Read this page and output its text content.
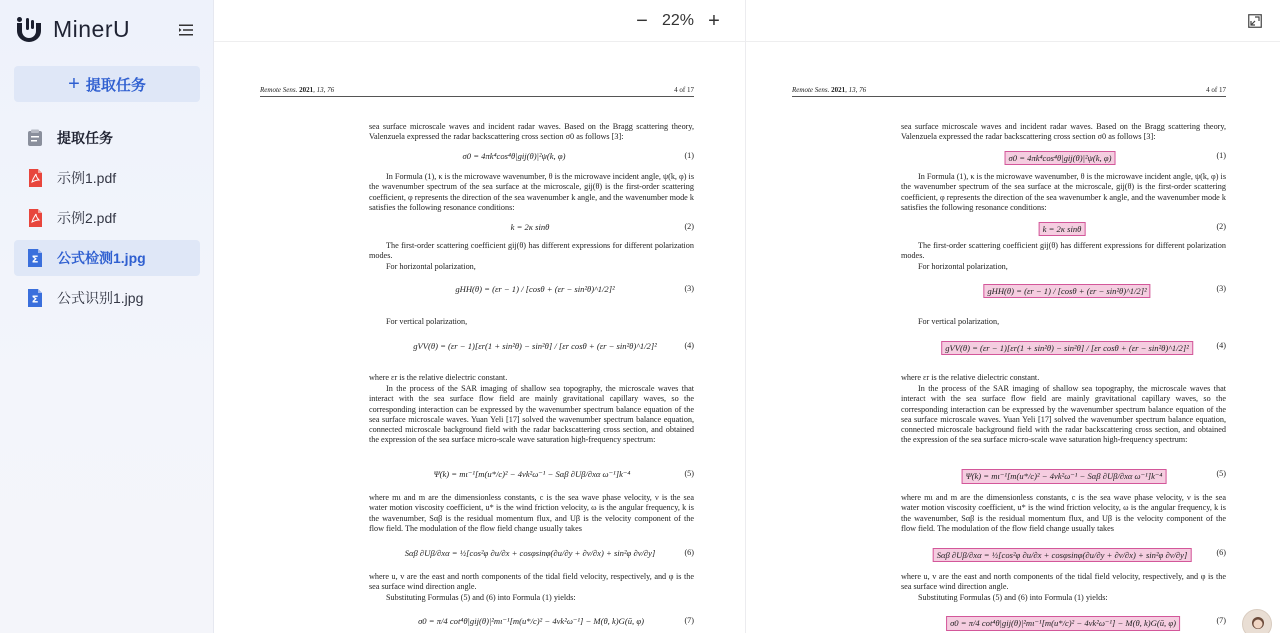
MinerU
+ 提取任务
提取任务
示例1.pdf
示例2.pdf
Σ 公式检测1.jpg
Σ 公式识别1.jpg
− 22% +
Remote Sens. 2021, 13, 76	4 of 17
sea surface microscale waves and incident radar waves. Based on the Bragg scattering theory, Valenzuela expressed the radar backscattering cross section σ0 as follows [3]:
σ0 = 4πk⁴cos⁴θ|gij(θ)|²ψ(k, φ)	(1)
In Formula (1), κ is the microwave wavenumber, θ is the microwave incident angle, ψ(k, φ) is the wavenumber spectrum of the sea surface at the microscale, gij(θ) is the first-order scattering coefficient, φ represents the direction of the sea wavenumber k angle, and the wavenumber mode k satisfies the following resonance conditions:
k = 2κ sinθ	(2)
The first-order scattering coefficient gij(θ) has different expressions for different polarization modes.
For horizontal polarization,
gHH(θ) = (εr − 1) / [cosθ + (εr − sin²θ)^1/2]²	(3)
For vertical polarization,
gVV(θ) = (εr − 1)[εr(1 + sin²θ) − sin²θ] / [εr cosθ + (εr − sin²θ)^1/2]²	(4)
where εr is the relative dielectric constant.
In the process of the SAR imaging of shallow sea topography, the microscale waves that interact with the sea surface flow field are mainly gravitational capillary waves, so the corresponding interaction can be expressed by the wavenumber spectrum balance equation of the sea surface microscale waves. Yuan Yeli [17] solved the wavenumber spectrum balance equation, connected microscale background field with the radar backscattering cross section, and obtained the expression of the sea surface micro-scale wave saturation high-frequency spectrum:
Ψ(k) = mι⁻¹[m(u*/c)² − 4νk²ω⁻¹ − Sαβ ∂Uβ/∂xα ω⁻¹]k⁻⁴	(5)
where mι and m are the dimensionless constants, c is the sea wave phase velocity, ν is the sea water motion viscosity coefficient, u* is the wind friction velocity, ω is the angular frequency, k is the wavenumber, Sαβ is the residual momentum flux, and Uβ is the velocity component of the flow field. The modulation of the flow field change usually takes
Sαβ ∂Uβ/∂xα = ½[cos²φ ∂u/∂x + cosφsinφ(∂u/∂y + ∂v/∂x) + sin²φ ∂v/∂y]	(6)
where u, v are the east and north components of the tidal field velocity, respectively, and φ is the sea surface wind direction angle.
Substituting Formulas (5) and (6) into Formula (1) yields:
σ0 = π/4 cot⁴θ|gij(θ)|²mι⁻¹[m(u*/c)² − 4νk²ω⁻¹] − M(θ, k)G(ū, φ)	(7)
Remote Sens. 2021, 13, 76	4 of 17
sea surface microscale waves and incident radar waves. Based on the Bragg scattering theory, Valenzuela expressed the radar backscattering cross section σ0 as follows [3]:
σ0 = 4πk⁴cos⁴θ|gij(θ)|²ψ(k, φ)	(1)
In Formula (1), κ is the microwave wavenumber, θ is the microwave incident angle, ψ(k, φ) is the wavenumber spectrum of the sea surface at the microscale, gij(θ) is the first-order scattering coefficient, φ represents the direction of the sea wavenumber k angle, and the wavenumber mode k satisfies the following resonance conditions:
k = 2κ sinθ	(2)
The first-order scattering coefficient gij(θ) has different expressions for different polarization modes.
For horizontal polarization,
gHH(θ) = (εr − 1) / [cosθ + (εr − sin²θ)^1/2]²	(3)
For vertical polarization,
gVV(θ) = (εr − 1)[εr(1 + sin²θ) − sin²θ] / [εr cosθ + (εr − sin²θ)^1/2]²	(4)
where εr is the relative dielectric constant.
In the process of the SAR imaging of shallow sea topography, the microscale waves that interact with the sea surface flow field are mainly gravitational capillary waves, so the corresponding interaction can be expressed by the wavenumber spectrum balance equation of the sea surface microscale waves. Yuan Yeli [17] solved the wavenumber spectrum balance equation, connected microscale background field with the radar backscattering cross section, and obtained the expression of the sea surface micro-scale wave saturation high-frequency spectrum:
Ψ(k) = mι⁻¹[m(u*/c)² − 4νk²ω⁻¹ − Sαβ ∂Uβ/∂xα ω⁻¹]k⁻⁴	(5)
where mι and m are the dimensionless constants, c is the sea wave phase velocity, ν is the sea water motion viscosity coefficient, u* is the wind friction velocity, ω is the angular frequency, k is the wavenumber, Sαβ is the residual momentum flux, and Uβ is the velocity component of the flow field. The modulation of the flow field change usually takes
Sαβ ∂Uβ/∂xα = ½[cos²φ ∂u/∂x + cosφsinφ(∂u/∂y + ∂v/∂x) + sin²φ ∂v/∂y]	(6)
where u, v are the east and north components of the tidal field velocity, respectively, and φ is the sea surface wind direction angle.
Substituting Formulas (5) and (6) into Formula (1) yields:
σ0 = π/4 cot⁴θ|gij(θ)|²mι⁻¹[m(u*/c)² − 4νk²ω⁻¹] − M(θ, k)G(ū, φ)	(7)
